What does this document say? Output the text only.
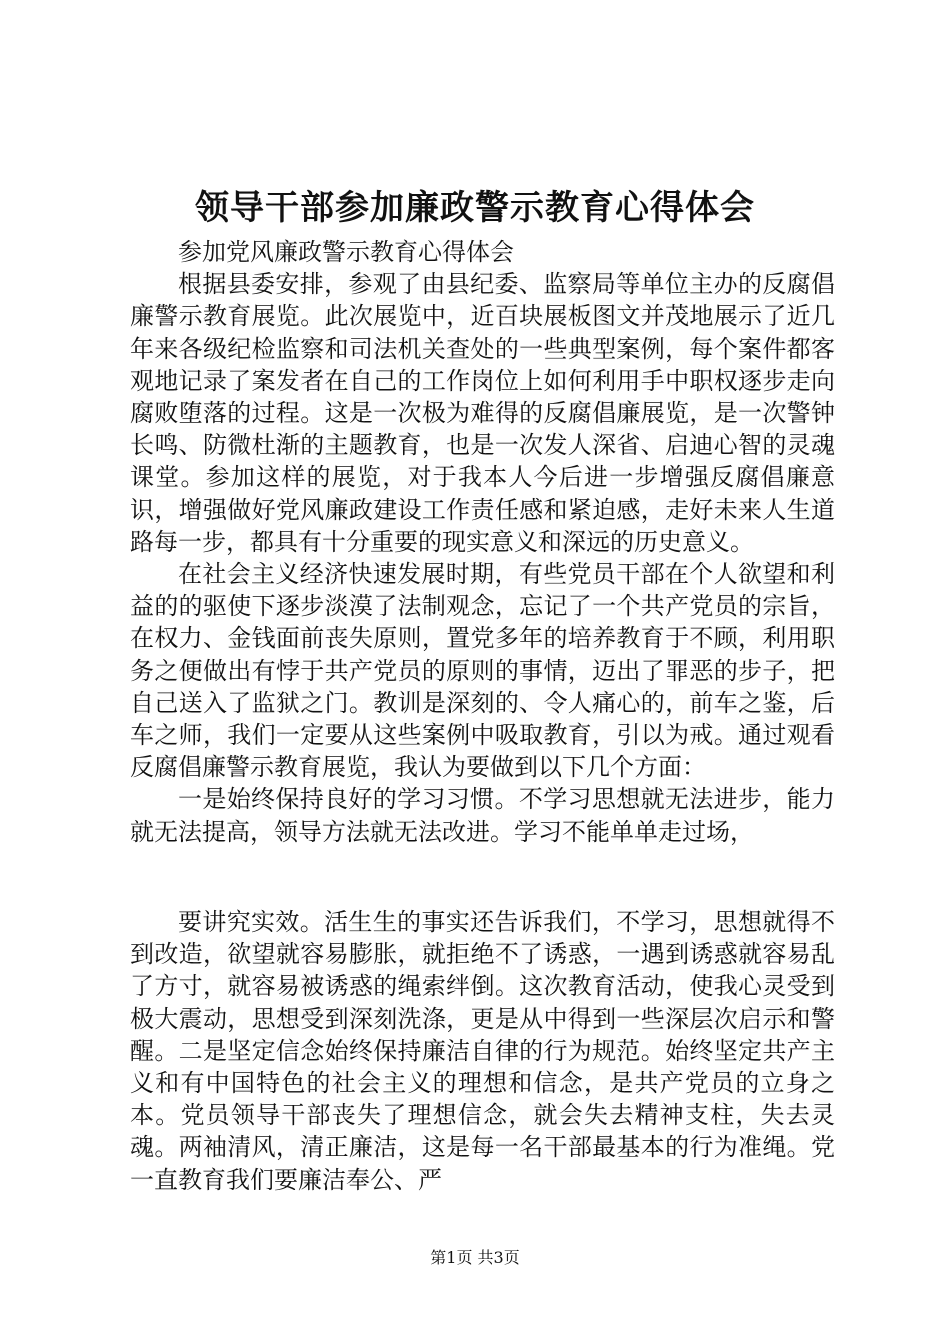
领导干部参加廉政警示教育心得体会

参加党风廉政警示教育心得体会

根据县委安排，参观了由县纪委、监察局等单位主办的反腐倡廉警示教育展览。此次展览中，近百块展板图文并茂地展示了近几年来各级纪检监察和司法机关查处的一些典型案例，每个案件都客观地记录了案发者在自己的工作岗位上如何利用手中职权逐步走向腐败堕落的过程。这是一次极为难得的反腐倡廉展览，是一次警钟长鸣、防微杜渐的主题教育，也是一次发人深省、启迪心智的灵魂课堂。参加这样的展览，对于我本人今后进一步增强反腐倡廉意识，增强做好党风廉政建设工作责任感和紧迫感，走好未来人生道路每一步，都具有十分重要的现实意义和深远的历史意义。

在社会主义经济快速发展时期，有些党员干部在个人欲望和利益的的驱使下逐步淡漠了法制观念，忘记了一个共产党员的宗旨，在权力、金钱面前丧失原则，置党多年的培养教育于不顾，利用职务之便做出有悖于共产党员的原则的事情，迈出了罪恶的步子，把自己送入了监狱之门。教训是深刻的、令人痛心的，前车之鉴，后车之师，我们一定要从这些案例中吸取教育，引以为戒。通过观看反腐倡廉警示教育展览，我认为要做到以下几个方面：

一是始终保持良好的学习习惯。不学习思想就无法进步，能力就无法提高，领导方法就无法改进。学习不能单单走过场，

要讲究实效。活生生的事实还告诉我们，不学习，思想就得不到改造，欲望就容易膨胀，就拒绝不了诱惑，一遇到诱惑就容易乱了方寸，就容易被诱惑的绳索绊倒。这次教育活动，使我心灵受到极大震动，思想受到深刻洗涤，更是从中得到一些深层次启示和警醒。二是坚定信念始终保持廉洁自律的行为规范。始终坚定共产主义和有中国特色的社会主义的理想和信念，是共产党员的立身之本。党员领导干部丧失了理想信念，就会失去精神支柱，失去灵魂。两袖清风，清正廉洁，这是每一名干部最基本的行为准绳。党一直教育我们要廉洁奉公、严

第1页 共3页
